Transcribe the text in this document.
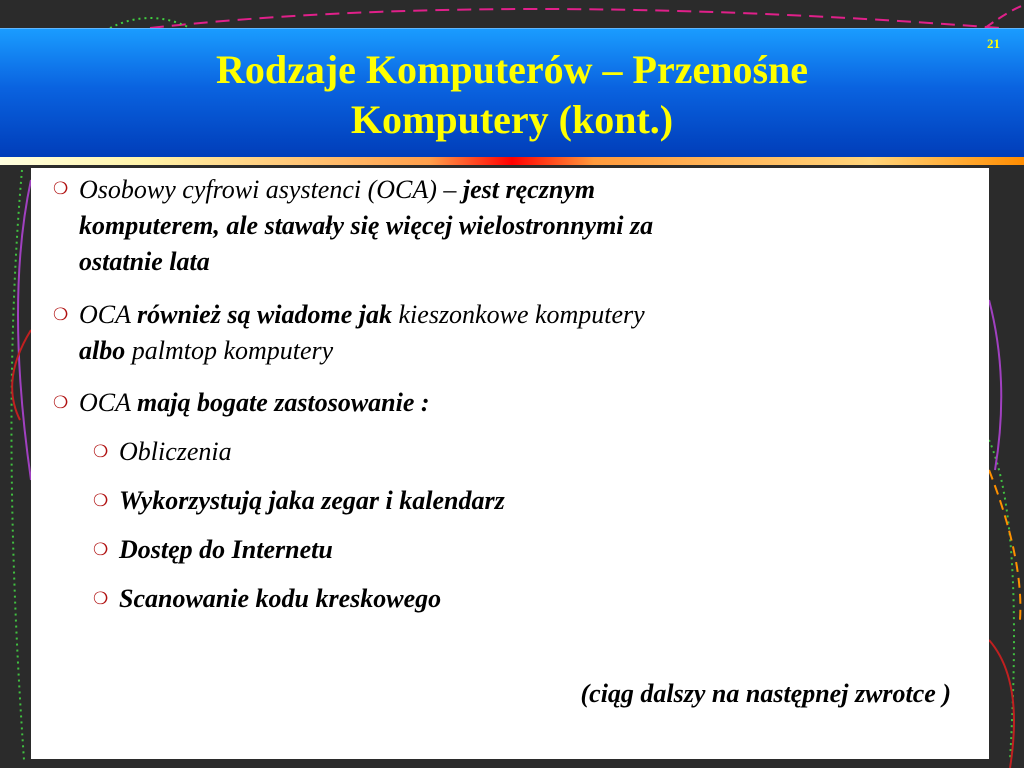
21
Rodzaje Komputerów – Przenośne
Komputery (kont.)
❍ Osobowy cyfrowi asystenci (OCA) – jest ręcznym
komputerem, ale stawały się więcej wielostronnymi za
ostatnie lata
❍ OCA również są wiadome jak kieszonkowe komputery
albo palmtop komputery
❍ OCA mają bogate zastosowanie :
❍ Obliczenia
❍ Wykorzystują jaka zegar i kalendarz
❍ Dostęp do Internetu
❍ Scanowanie kodu kreskowego
(ciąg dalszy na następnej zwrotce )
